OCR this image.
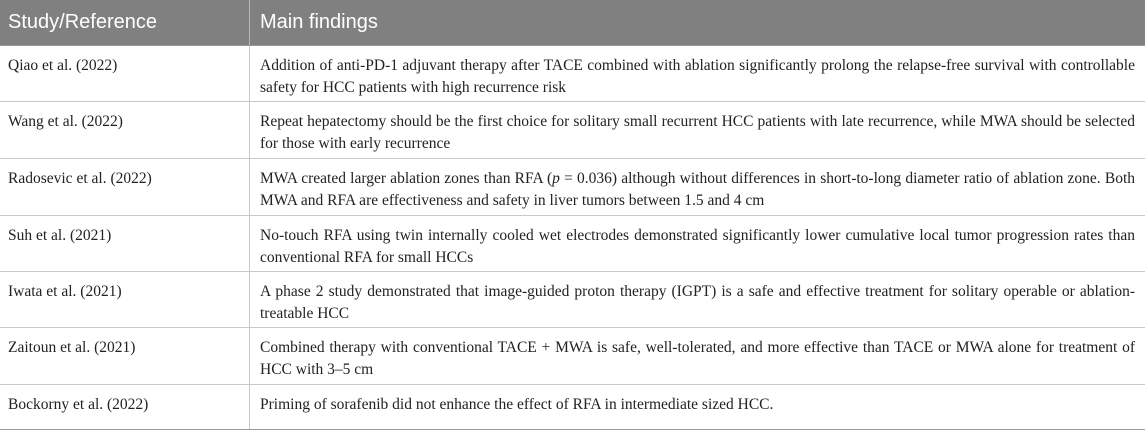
Study/Reference	Main findings
Qiao et al. (2022)	Addition of anti-PD-1 adjuvant therapy after TACE combined with ablation significantly prolong the relapse-free survival with controllable safety for HCC patients with high recurrence risk
Wang et al. (2022)	Repeat hepatectomy should be the first choice for solitary small recurrent HCC patients with late recurrence, while MWA should be selected for those with early recurrence
Radosevic et al. (2022)	MWA created larger ablation zones than RFA (p = 0.036) although without differences in short-to-long diameter ratio of ablation zone. Both MWA and RFA are effectiveness and safety in liver tumors between 1.5 and 4 cm
Suh et al. (2021)	No-touch RFA using twin internally cooled wet electrodes demonstrated significantly lower cumulative local tumor progression rates than conventional RFA for small HCCs
Iwata et al. (2021)	A phase 2 study demonstrated that image-guided proton therapy (IGPT) is a safe and effective treatment for solitary operable or ablation-treatable HCC
Zaitoun et al. (2021)	Combined therapy with conventional TACE + MWA is safe, well-tolerated, and more effective than TACE or MWA alone for treatment of HCC with 3–5 cm
Bockorny et al. (2022)	Priming of sorafenib did not enhance the effect of RFA in intermediate sized HCC.
